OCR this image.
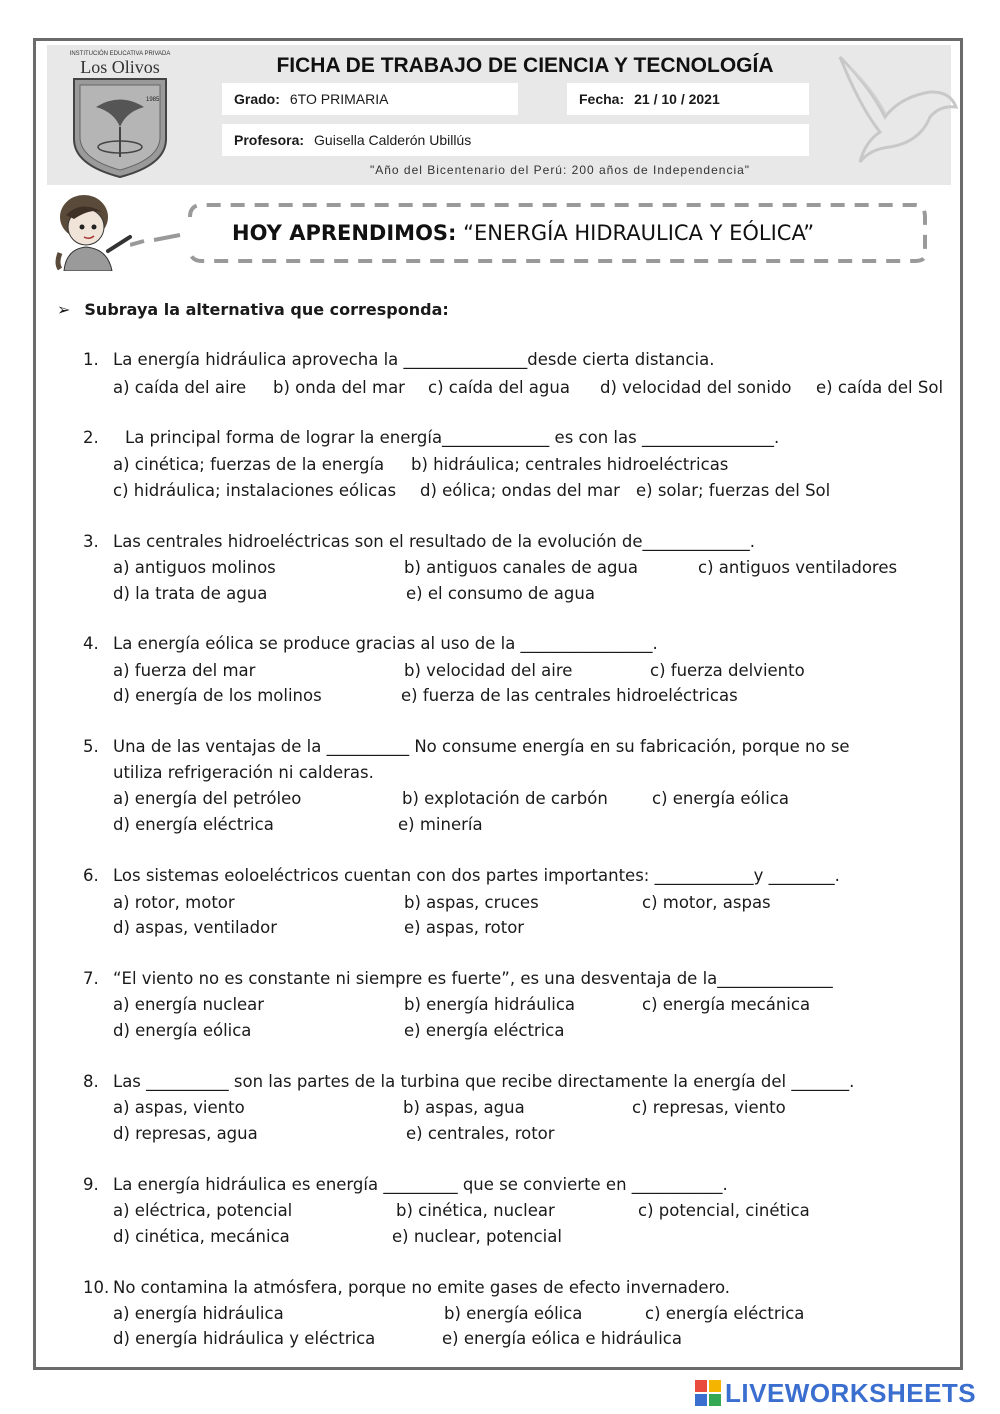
INSTITUCIÓN EDUCATIVA PRIVADA
Los Olivos
1985
FICHA DE TRABAJO DE CIENCIA Y TECNOLOGÍA
Grado: 6TO PRIMARIA	Fecha: 21 / 10 / 2021
Profesora: Guisella Calderón Ubillús
"Año del Bicentenario del Perú: 200 años de Independencia"
HOY APRENDIMOS: “ENERGÍA HIDRAULICA Y EÓLICA”
➢ Subraya la alternativa que corresponda:
1. La energía hidráulica aprovecha la _______________desde cierta distancia.
a) caída del aire b) onda del mar c) caída del agua d) velocidad del sonido e) caída del Sol
2. La principal forma de lograr la energía_____________ es con las ________________.
a) cinética; fuerzas de la energía b) hidráulica; centrales hidroeléctricas
c) hidráulica; instalaciones eólicas d) eólica; ondas del mar e) solar; fuerzas del Sol
3. Las centrales hidroeléctricas son el resultado de la evolución de_____________.
a) antiguos molinos	b) antiguos canales de agua	c) antiguos ventiladores
d) la trata de agua	e) el consumo de agua
4. La energía eólica se produce gracias al uso de la ________________.
a) fuerza del mar	b) velocidad del aire	c) fuerza delviento
d) energía de los molinos	e) fuerza de las centrales hidroeléctricas
5. Una de las ventajas de la __________ No consume energía en su fabricación, porque no se
utiliza refrigeración ni calderas.
a) energía del petróleo	b) explotación de carbón	c) energía eólica
d) energía eléctrica	e) minería
6. Los sistemas eoloeléctricos cuentan con dos partes importantes: ____________y ________.
a) rotor, motor	b) aspas, cruces	c) motor, aspas
d) aspas, ventilador	e) aspas, rotor
7. “El viento no es constante ni siempre es fuerte”, es una desventaja de la______________
a) energía nuclear	b) energía hidráulica	c) energía mecánica
d) energía eólica	e) energía eléctrica
8. Las __________ son las partes de la turbina que recibe directamente la energía del _______.
a) aspas, viento	b) aspas, agua	c) represas, viento
d) represas, agua	e) centrales, rotor
9. La energía hidráulica es energía _________ que se convierte en ___________.
a) eléctrica, potencial	b) cinética, nuclear	c) potencial, cinética
d) cinética, mecánica	e) nuclear, potencial
10. No contamina la atmósfera, porque no emite gases de efecto invernadero.
a) energía hidráulica	b) energía eólica	c) energía eléctrica
d) energía hidráulica y eléctrica	e) energía eólica e hidráulica
LIVEWORKSHEETS
